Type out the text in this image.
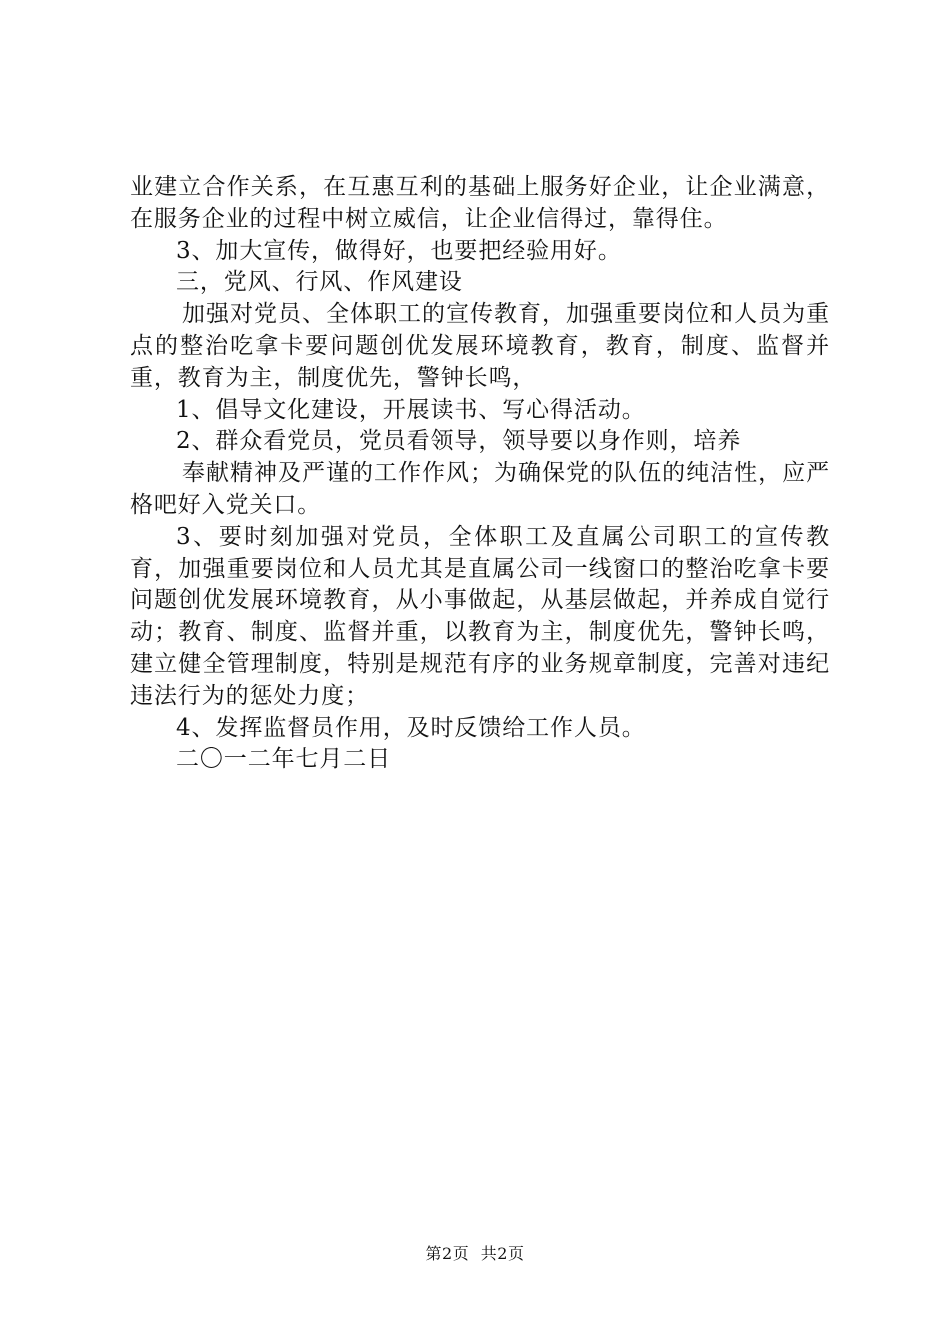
业建立合作关系，在互惠互利的基础上服务好企业，让企业满意，在服务企业的过程中树立威信，让企业信得过，靠得住。

3、加大宣传，做得好，也要把经验用好。

三，党风、行风、作风建设

加强对党员、全体职工的宣传教育，加强重要岗位和人员为重点的整治吃拿卡要问题创优发展环境教育，教育，制度、监督并重，教育为主，制度优先，警钟长鸣，

1、倡导文化建设，开展读书、写心得活动。

2、群众看党员，党员看领导，领导要以身作则，培养

奉献精神及严谨的工作作风；为确保党的队伍的纯洁性，应严格吧好入党关口。

3、要时刻加强对党员，全体职工及直属公司职工的宣传教育，加强重要岗位和人员尤其是直属公司一线窗口的整治吃拿卡要问题创优发展环境教育，从小事做起，从基层做起，并养成自觉行动；教育、制度、监督并重，以教育为主，制度优先，警钟长鸣，建立健全管理制度，特别是规范有序的业务规章制度，完善对违纪违法行为的惩处力度；

4、发挥监督员作用，及时反馈给工作人员。

二〇一二年七月二日

第2页 共2页
